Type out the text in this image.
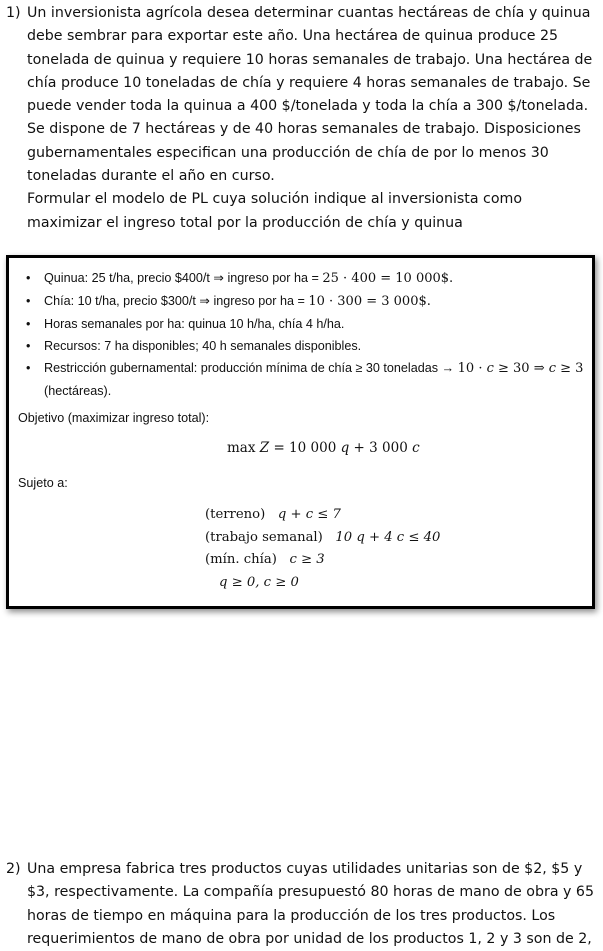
1) Un inversionista agrícola desea determinar cuantas hectáreas de chía y quinua
debe sembrar para exportar este año. Una hectárea de quinua produce 25
tonelada de quinua y requiere 10 horas semanales de trabajo. Una hectárea de
chía produce 10 toneladas de chía y requiere 4 horas semanales de trabajo. Se
puede vender toda la quinua a 400 $/tonelada y toda la chía a 300 $/tonelada.
Se dispone de 7 hectáreas y de 40 horas semanales de trabajo. Disposiciones
gubernamentales especifican una producción de chía de por lo menos 30
toneladas durante el año en curso.
Formular el modelo de PL cuya solución indique al inversionista como
maximizar el ingreso total por la producción de chía y quinua
• Quinua: 25 t/ha, precio $400/t ⇒ ingreso por ha = 25 · 400 = 10 000$.
• Chía: 10 t/ha, precio $300/t ⇒ ingreso por ha = 10 · 300 = 3 000$.
• Horas semanales por ha: quinua 10 h/ha, chía 4 h/ha.
• Recursos: 7 ha disponibles; 40 h semanales disponibles.
• Restricción gubernamental: producción mínima de chía ≥ 30 toneladas → 10 · c ≥ 30 ⇒ c ≥ 3
(hectáreas).
Objetivo (maximizar ingreso total):
max Z = 10 000 q + 3 000 c
Sujeto a:
(terreno) q + c ≤ 7
(trabajo semanal) 10 q + 4 c ≤ 40
(mín. chía) c ≥ 3
q ≥ 0, c ≥ 0
2) Una empresa fabrica tres productos cuyas utilidades unitarias son de $2, $5 y
$3, respectivamente. La compañía presupuestó 80 horas de mano de obra y 65
horas de tiempo en máquina para la producción de los tres productos. Los
requerimientos de mano de obra por unidad de los productos 1, 2 y 3 son de 2,
